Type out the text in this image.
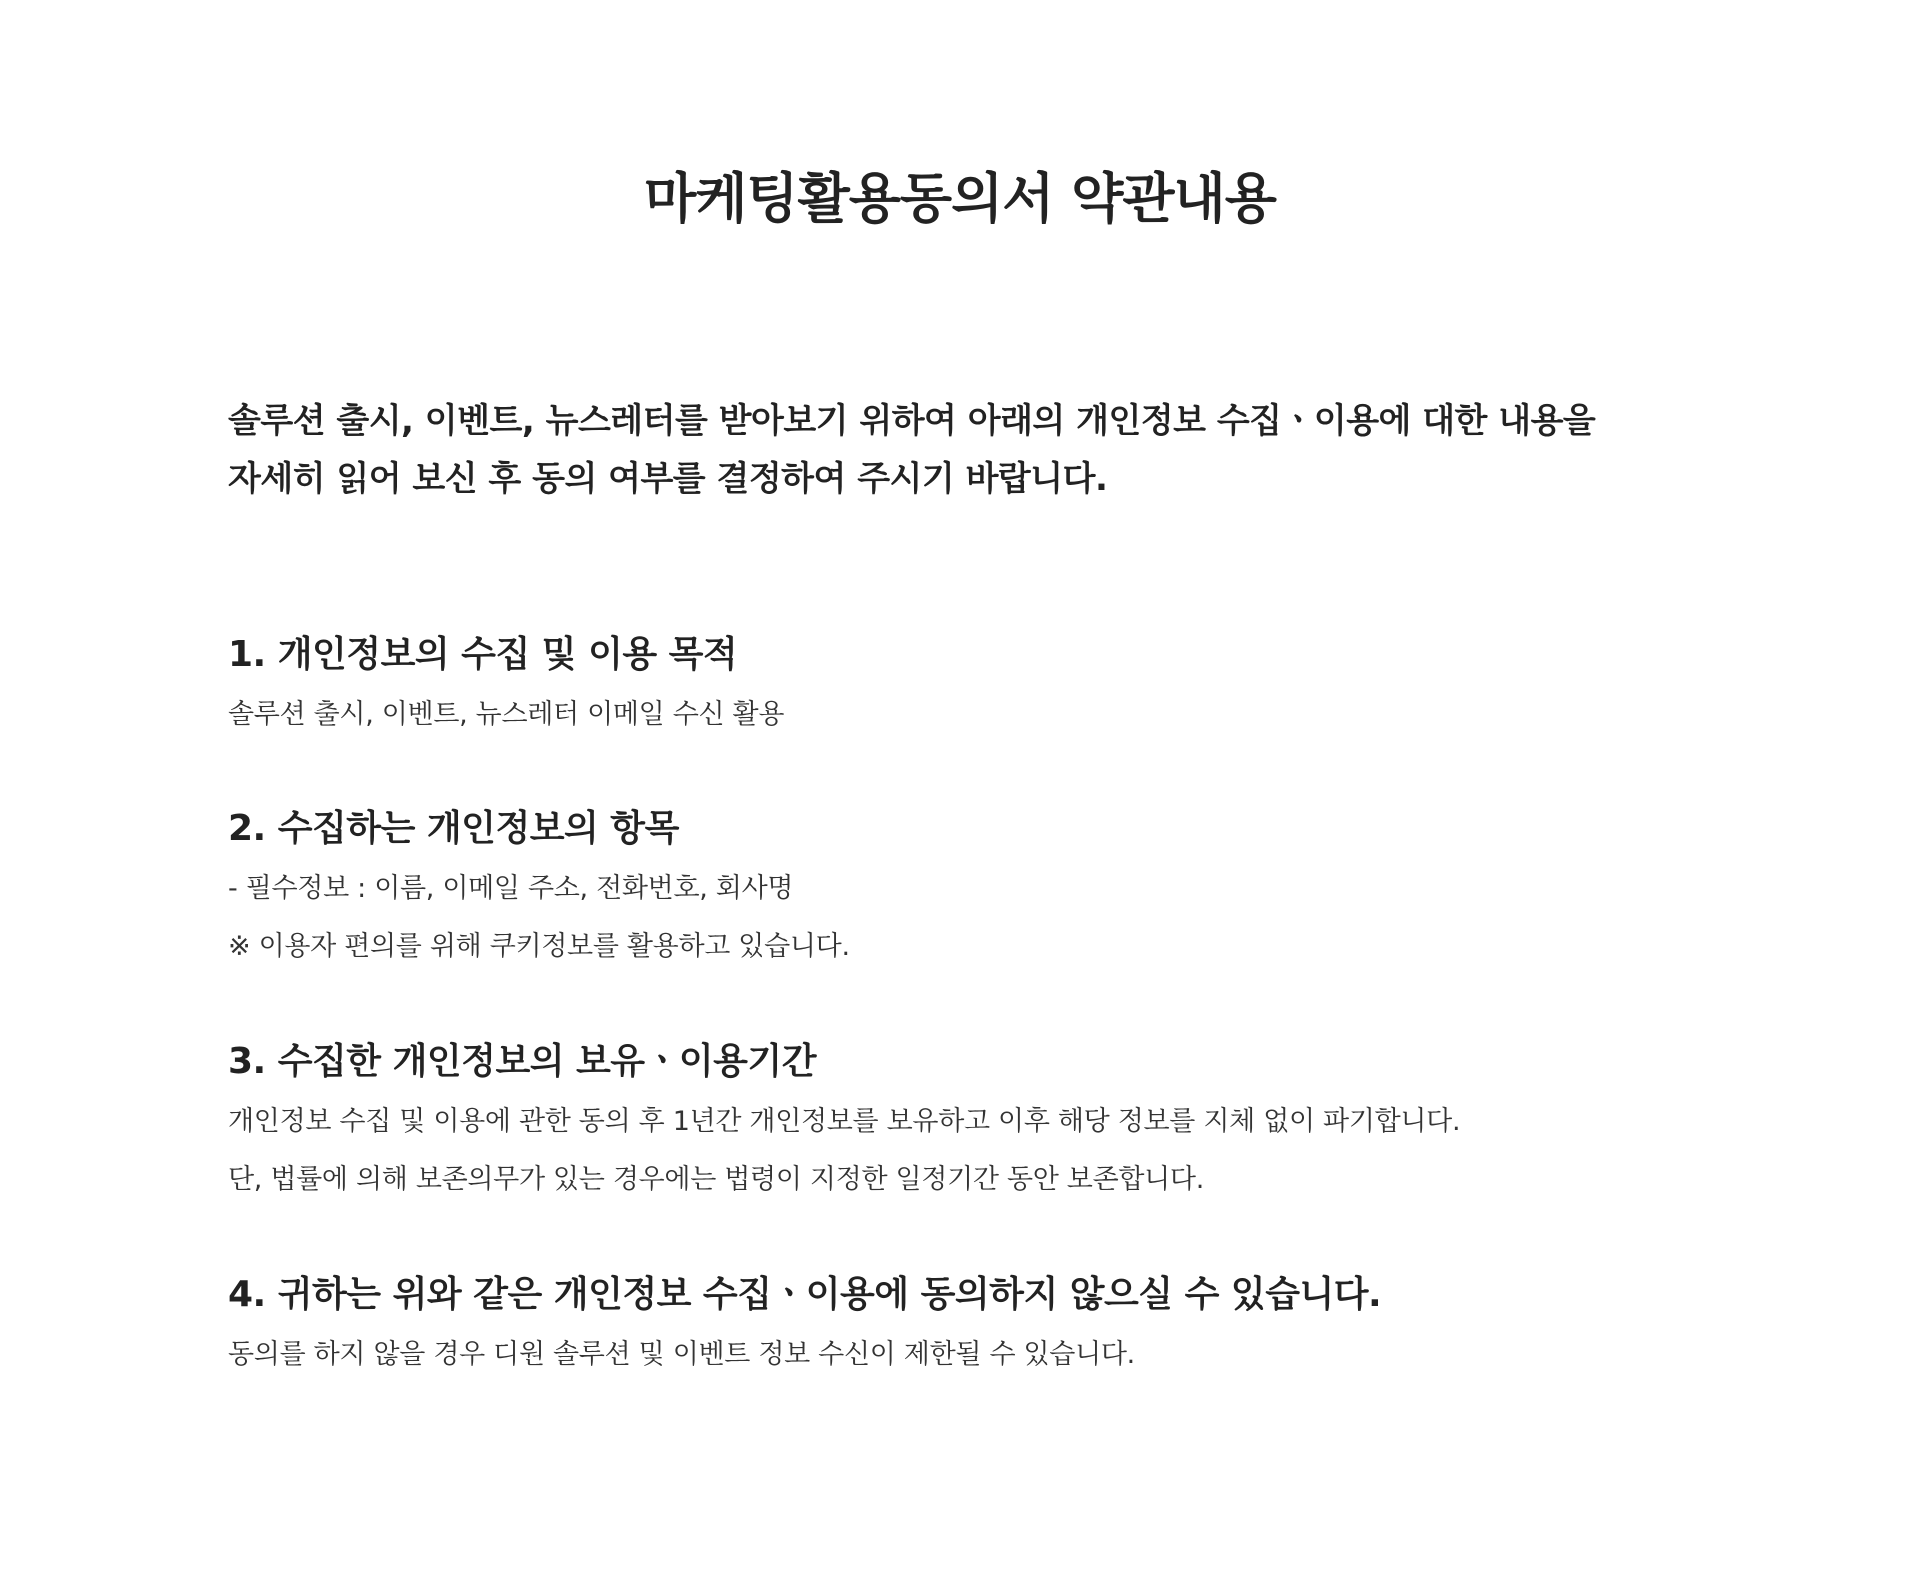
마케팅활용동의서 약관내용

솔루션 출시, 이벤트, 뉴스레터를 받아보기 위하여 아래의 개인정보 수집ㆍ이용에 대한 내용을
자세히 읽어 보신 후 동의 여부를 결정하여 주시기 바랍니다.

1. 개인정보의 수집 및 이용 목적

솔루션 출시, 이벤트, 뉴스레터 이메일 수신 활용

2. 수집하는 개인정보의 항목

- 필수정보 : 이름, 이메일 주소, 전화번호, 회사명

※ 이용자 편의를 위해 쿠키정보를 활용하고 있습니다.

3. 수집한 개인정보의 보유ㆍ이용기간

개인정보 수집 및 이용에 관한 동의 후 1년간 개인정보를 보유하고 이후 해당 정보를 지체 없이 파기합니다.

단, 법률에 의해 보존의무가 있는 경우에는 법령이 지정한 일정기간 동안 보존합니다.

4. 귀하는 위와 같은 개인정보 수집ㆍ이용에 동의하지 않으실 수 있습니다.

동의를 하지 않을 경우 디원 솔루션 및 이벤트 정보 수신이 제한될 수 있습니다.
